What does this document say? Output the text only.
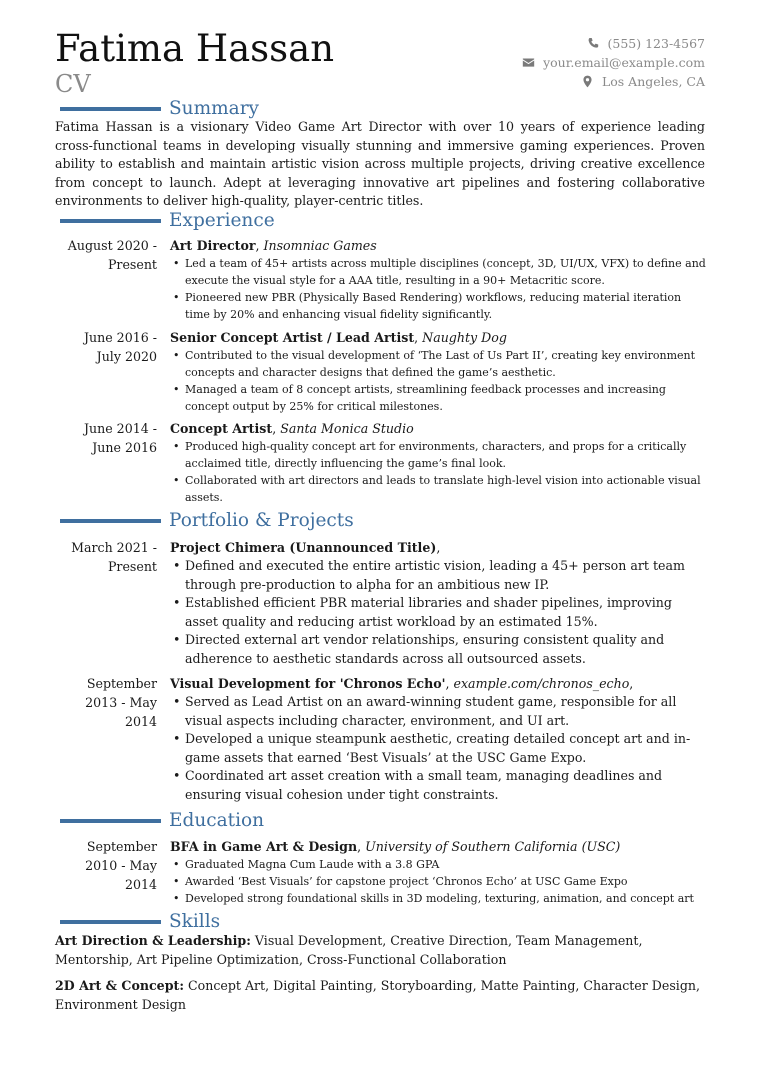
Fatima Hassan
CV
(555) 123-4567
your.email@example.com
Los Angeles, CA
Summary
Fatima Hassan is a visionary Video Game Art Director with over 10 years of experience leading cross-functional teams in developing visually stunning and immersive gaming experiences. Proven ability to establish and maintain artistic vision across multiple projects, driving creative excellence from concept to launch. Adept at leveraging innovative art pipelines and fostering collaborative environments to deliver high-quality, player-centric titles.
Experience
August 2020 -
Present
Art Director, Insomniac Games
• Led a team of 45+ artists across multiple disciplines (concept, 3D, UI/UX, VFX) to define and execute the visual style for a AAA title, resulting in a 90+ Metacritic score.
• Pioneered new PBR (Physically Based Rendering) workflows, reducing material iteration time by 20% and enhancing visual fidelity significantly.
June 2016 -
July 2020
Senior Concept Artist / Lead Artist, Naughty Dog
• Contributed to the visual development of ‘The Last of Us Part II’, creating key environment concepts and character designs that defined the game’s aesthetic.
• Managed a team of 8 concept artists, streamlining feedback processes and increasing concept output by 25% for critical milestones.
June 2014 -
June 2016
Concept Artist, Santa Monica Studio
• Produced high-quality concept art for environments, characters, and props for a critically acclaimed title, directly influencing the game’s final look.
• Collaborated with art directors and leads to translate high-level vision into actionable visual assets.
Portfolio & Projects
March 2021 -
Present
Project Chimera (Unannounced Title),
• Defined and executed the entire artistic vision, leading a 45+ person art team through pre-production to alpha for an ambitious new IP.
• Established efficient PBR material libraries and shader pipelines, improving asset quality and reducing artist workload by an estimated 15%.
• Directed external art vendor relationships, ensuring consistent quality and adherence to aesthetic standards across all outsourced assets.
September
2013 - May
2014
Visual Development for 'Chronos Echo', example.com/chronos_echo,
• Served as Lead Artist on an award-winning student game, responsible for all visual aspects including character, environment, and UI art.
• Developed a unique steampunk aesthetic, creating detailed concept art and in-game assets that earned ‘Best Visuals’ at the USC Game Expo.
• Coordinated art asset creation with a small team, managing deadlines and ensuring visual cohesion under tight constraints.
Education
September
2010 - May
2014
BFA in Game Art & Design, University of Southern California (USC)
• Graduated Magna Cum Laude with a 3.8 GPA
• Awarded ‘Best Visuals’ for capstone project ‘Chronos Echo’ at USC Game Expo
• Developed strong foundational skills in 3D modeling, texturing, animation, and concept art
Skills
Art Direction & Leadership: Visual Development, Creative Direction, Team Management, Mentorship, Art Pipeline Optimization, Cross-Functional Collaboration
2D Art & Concept: Concept Art, Digital Painting, Storyboarding, Matte Painting, Character Design, Environment Design
